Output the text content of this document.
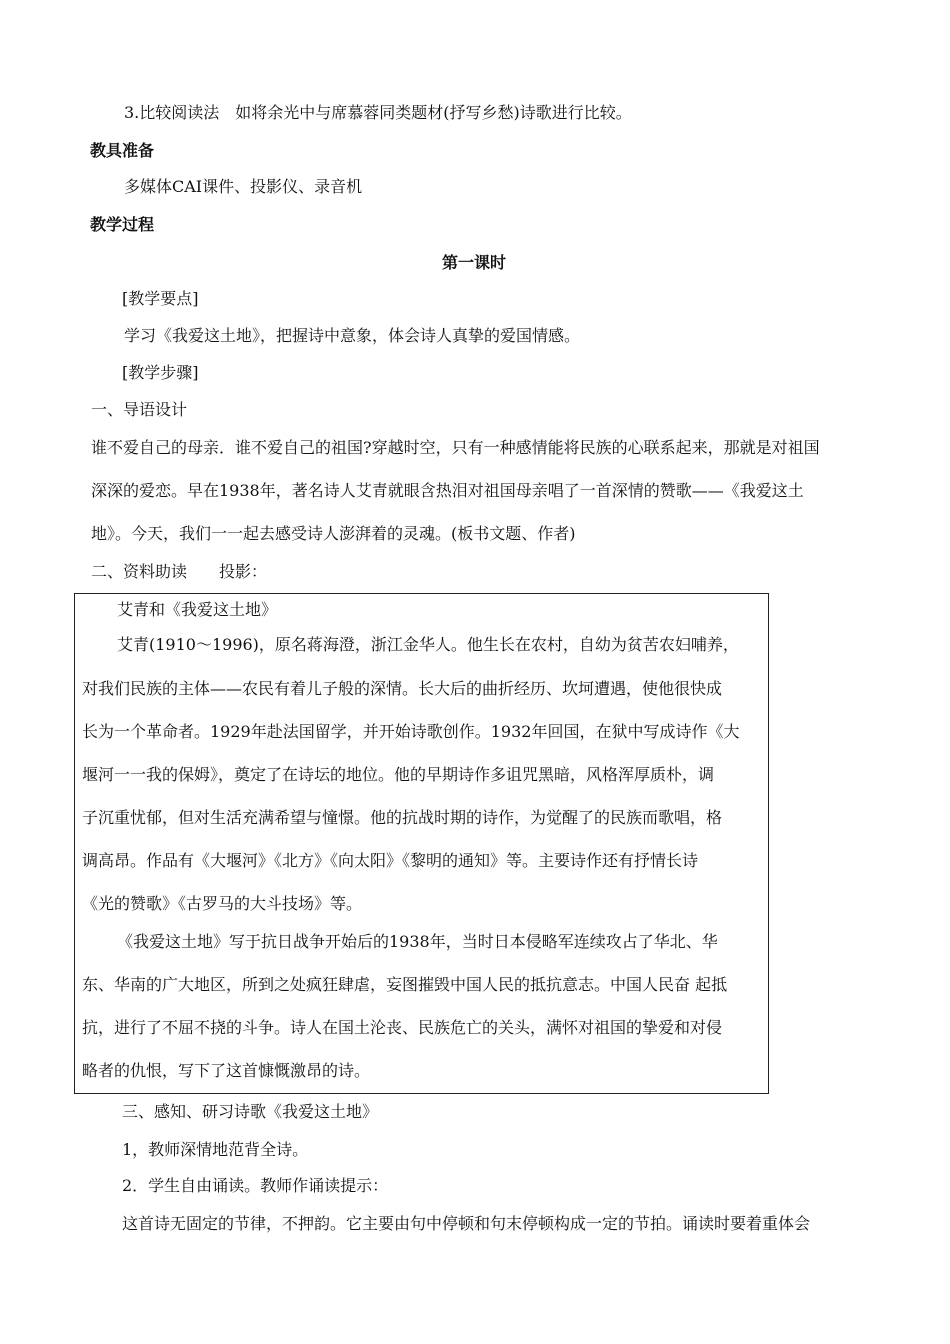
3.比较阅读法　如将余光中与席慕蓉同类题材(抒写乡愁)诗歌进行比较。
教具准备
多媒体CAI课件、投影仪、录音机
教学过程
第一课时
[教学要点]
学习《我爱这土地》，把握诗中意象，体会诗人真挚的爱国情感。
[教学步骤]
一、导语设计
谁不爱自己的母亲．谁不爱自己的祖国?穿越时空，只有一种感情能将民族的心联系起来，那就是对祖国
深深的爱恋。早在1938年，著名诗人艾青就眼含热泪对祖国母亲唱了一首深情的赞歌——《我爱这土
地》。今天，我们一一起去感受诗人澎湃着的灵魂。(板书文题、作者)
二、资料助读　　投影：
艾青和《我爱这土地》
艾青(1910～1996)，原名蒋海澄，浙江金华人。他生长在农村，自幼为贫苦农妇哺养，
对我们民族的主体——农民有着儿子般的深情。长大后的曲折经历、坎坷遭遇，使他很快成
长为一个革命者。1929年赴法国留学，并开始诗歌创作。1932年回国，在狱中写成诗作《大
堰河一一我的保姆》，奠定了在诗坛的地位。他的早期诗作多诅咒黑暗，风格浑厚质朴，调
子沉重忧郁，但对生活充满希望与憧憬。他的抗战时期的诗作，为觉醒了的民族而歌唱，格
调高昂。作品有《大堰河》《北方》《向太阳》《黎明的通知》等。主要诗作还有抒情长诗
《光的赞歌》《古罗马的大斗技场》等。
《我爱这土地》写于抗日战争开始后的1938年，当时日本侵略军连续攻占了华北、华
东、华南的广大地区，所到之处疯狂肆虐，妄图摧毁中国人民的抵抗意志。中国人民奋 起抵
抗，进行了不屈不挠的斗争。诗人在国土沦丧、民族危亡的关头，满怀对祖国的挚爱和对侵
略者的仇恨，写下了这首慷慨激昂的诗。
三、感知、研习诗歌《我爱这土地》
1，教师深情地范背全诗。
2．学生自由诵读。教师作诵读提示：
这首诗无固定的节律，不押韵。它主要由句中停顿和句末停顿构成一定的节拍。诵读时要着重体会
